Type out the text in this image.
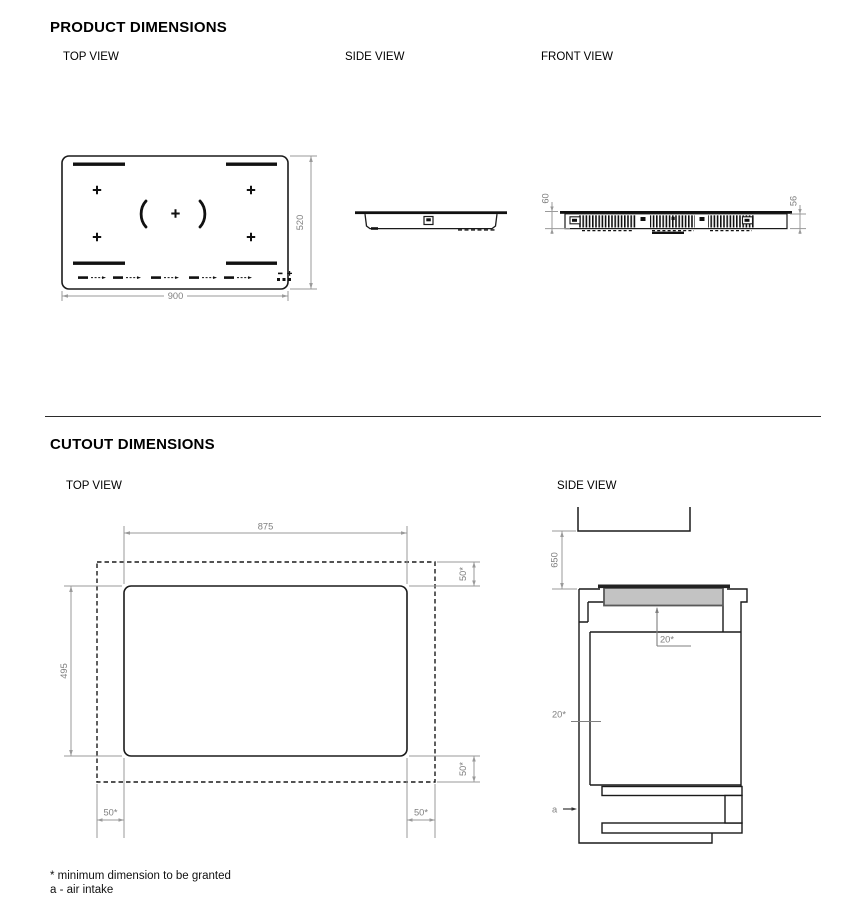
PRODUCT DIMENSIONS
TOP VIEW	SIDE VIEW	FRONT VIEW
CUTOUT DIMENSIONS
TOP VIEW	SIDE VIEW
520
900
60	56
875
495
50*
50*
50*	50*
650
20*
20*
a
* minimum dimension to be granted
a - air intake
